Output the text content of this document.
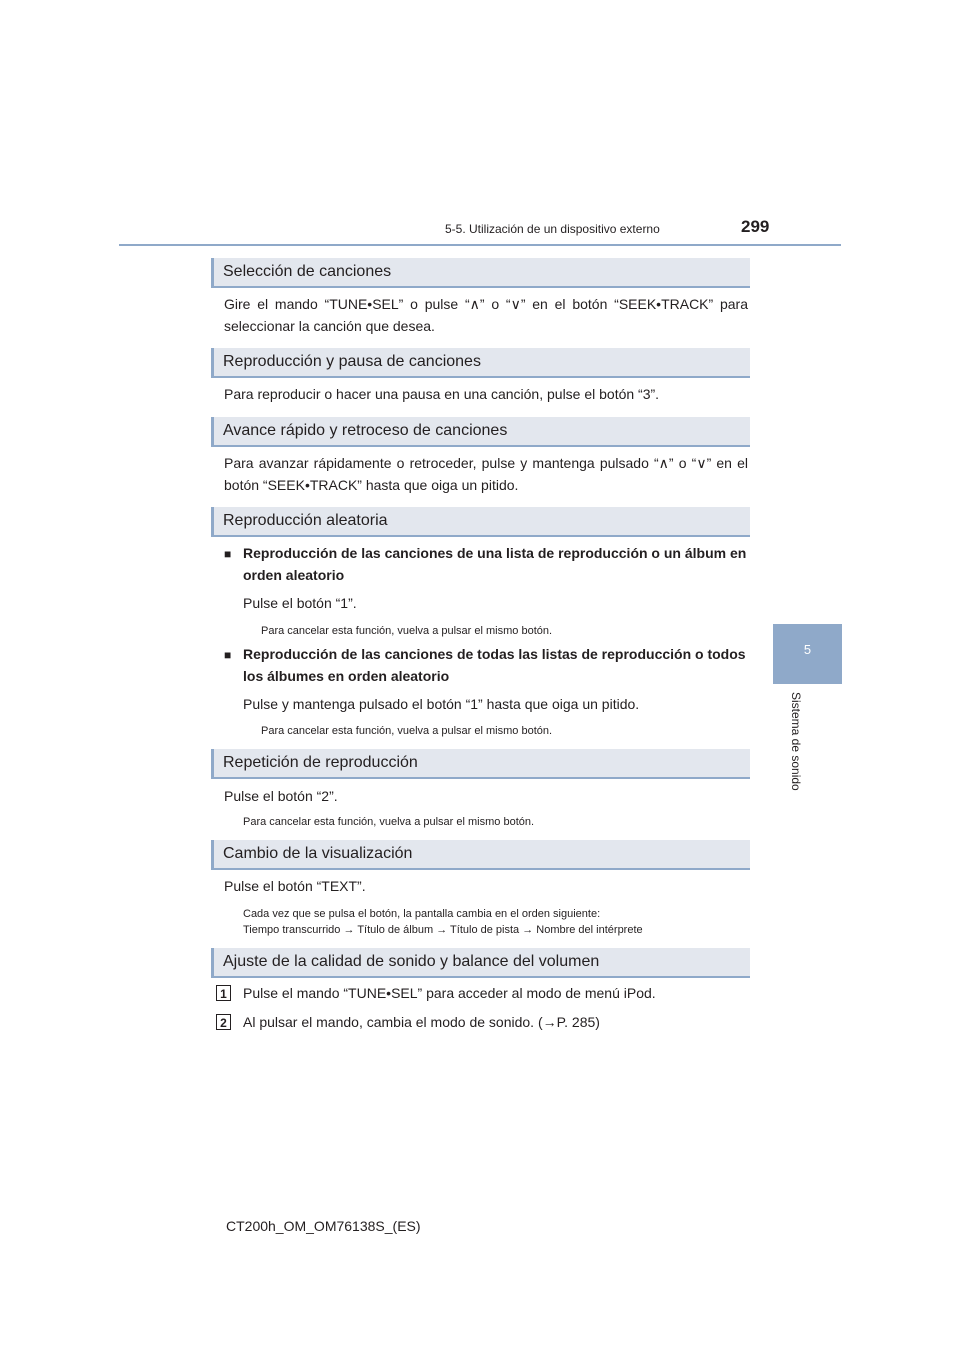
5-5. Utilización de un dispositivo externo	299
5
Sistema de sonido
Selección de canciones
Gire el mando “TUNE•SEL” o pulse “∧” o “∨” en el botón “SEEK•TRACK” para seleccionar la canción que desea.
Reproducción y pausa de canciones
Para reproducir o hacer una pausa en una canción, pulse el botón “3”.
Avance rápido y retroceso de canciones
Para avanzar rápidamente o retroceder, pulse y mantenga pulsado “∧” o “∨” en el botón “SEEK•TRACK” hasta que oiga un pitido.
Reproducción aleatoria
■ Reproducción de las canciones de una lista de reproducción o un álbum en orden aleatorio
Pulse el botón “1”.
Para cancelar esta función, vuelva a pulsar el mismo botón.
■ Reproducción de las canciones de todas las listas de reproducción o todos los álbumes en orden aleatorio
Pulse y mantenga pulsado el botón “1” hasta que oiga un pitido.
Para cancelar esta función, vuelva a pulsar el mismo botón.
Repetición de reproducción
Pulse el botón “2”.
Para cancelar esta función, vuelva a pulsar el mismo botón.
Cambio de la visualización
Pulse el botón “TEXT”.
Cada vez que se pulsa el botón, la pantalla cambia en el orden siguiente:
Tiempo transcurrido → Título de álbum → Título de pista → Nombre del intérprete
Ajuste de la calidad de sonido y balance del volumen
1 Pulse el mando “TUNE•SEL” para acceder al modo de menú iPod.
2 Al pulsar el mando, cambia el modo de sonido. (→P. 285)
CT200h_OM_OM76138S_(ES)
